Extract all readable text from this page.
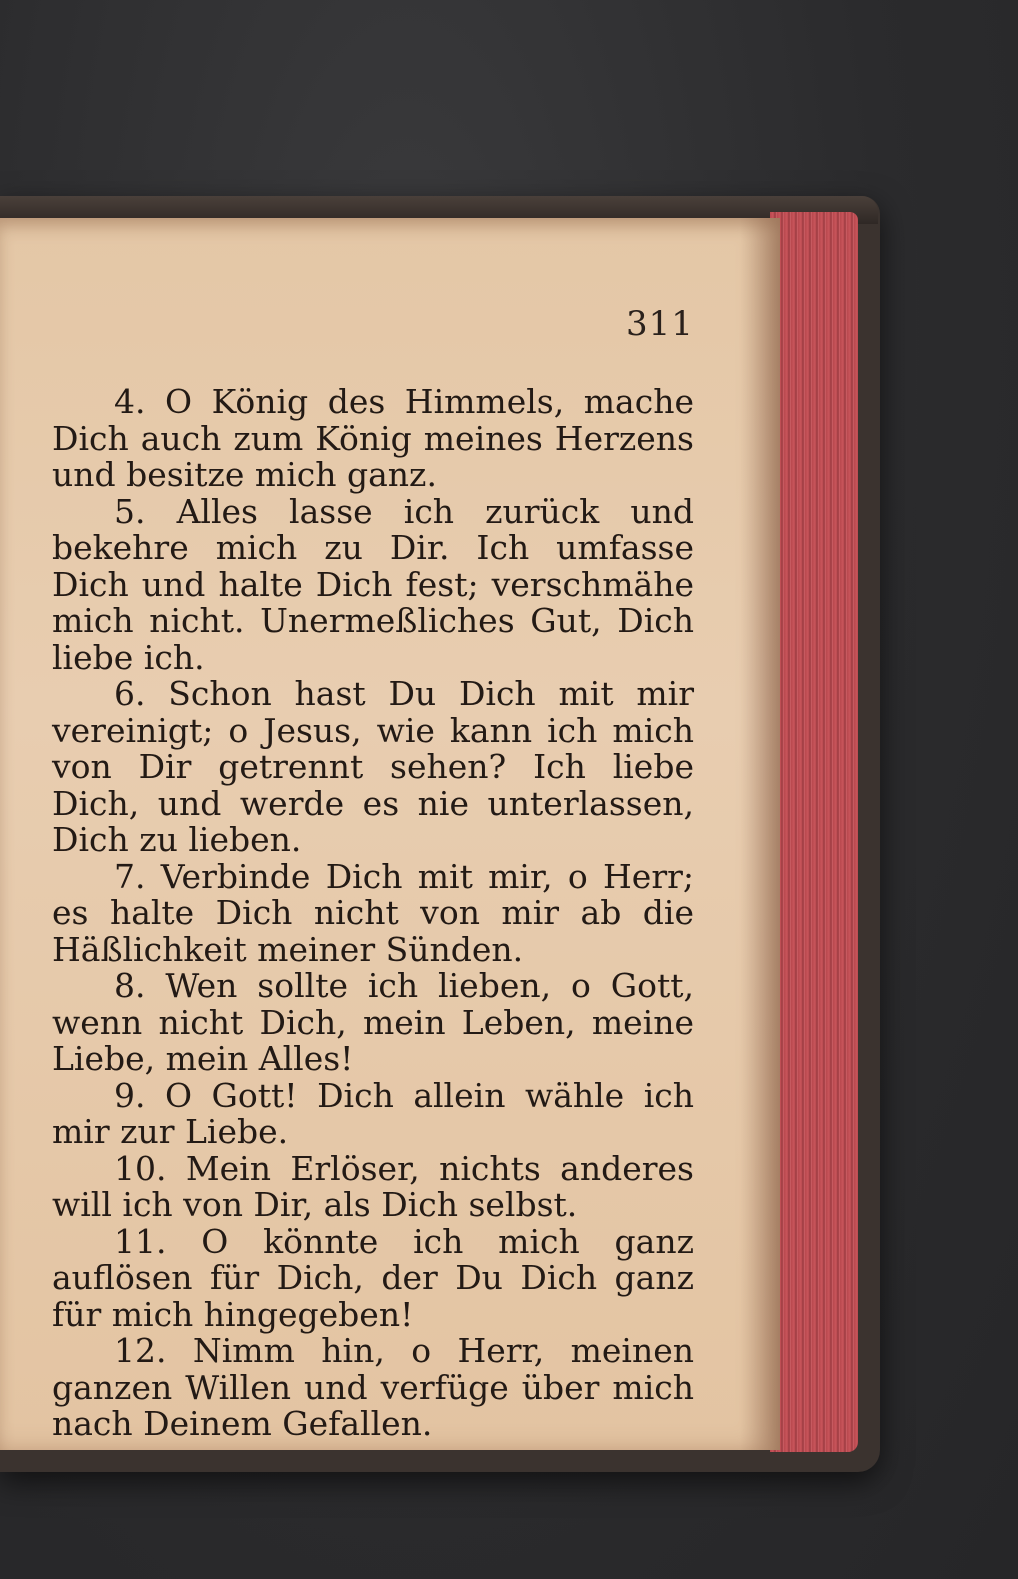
311

4. O König des Himmels, mache Dich auch zum König meines Herzens und besitze mich ganz.

5. Alles lasse ich zurück und bekehre mich zu Dir. Ich umfasse Dich und halte Dich fest; verschmähe mich nicht. Unermeßliches Gut, Dich liebe ich.

6. Schon hast Du Dich mit mir vereinigt; o Jesus, wie kann ich mich von Dir getrennt sehen? Ich liebe Dich, und werde es nie unterlassen, Dich zu lieben.

7. Verbinde Dich mit mir, o Herr; es halte Dich nicht von mir ab die Häßlichkeit meiner Sünden.

8. Wen sollte ich lieben, o Gott, wenn nicht Dich, mein Leben, meine Liebe, mein Alles!

9. O Gott! Dich allein wähle ich mir zur Liebe.

10. Mein Erlöser, nichts anderes will ich von Dir, als Dich selbst.

11. O könnte ich mich ganz auflösen für Dich, der Du Dich ganz für mich hingegeben!

12. Nimm hin, o Herr, meinen ganzen Willen und verfüge über mich nach Deinem Gefallen.
